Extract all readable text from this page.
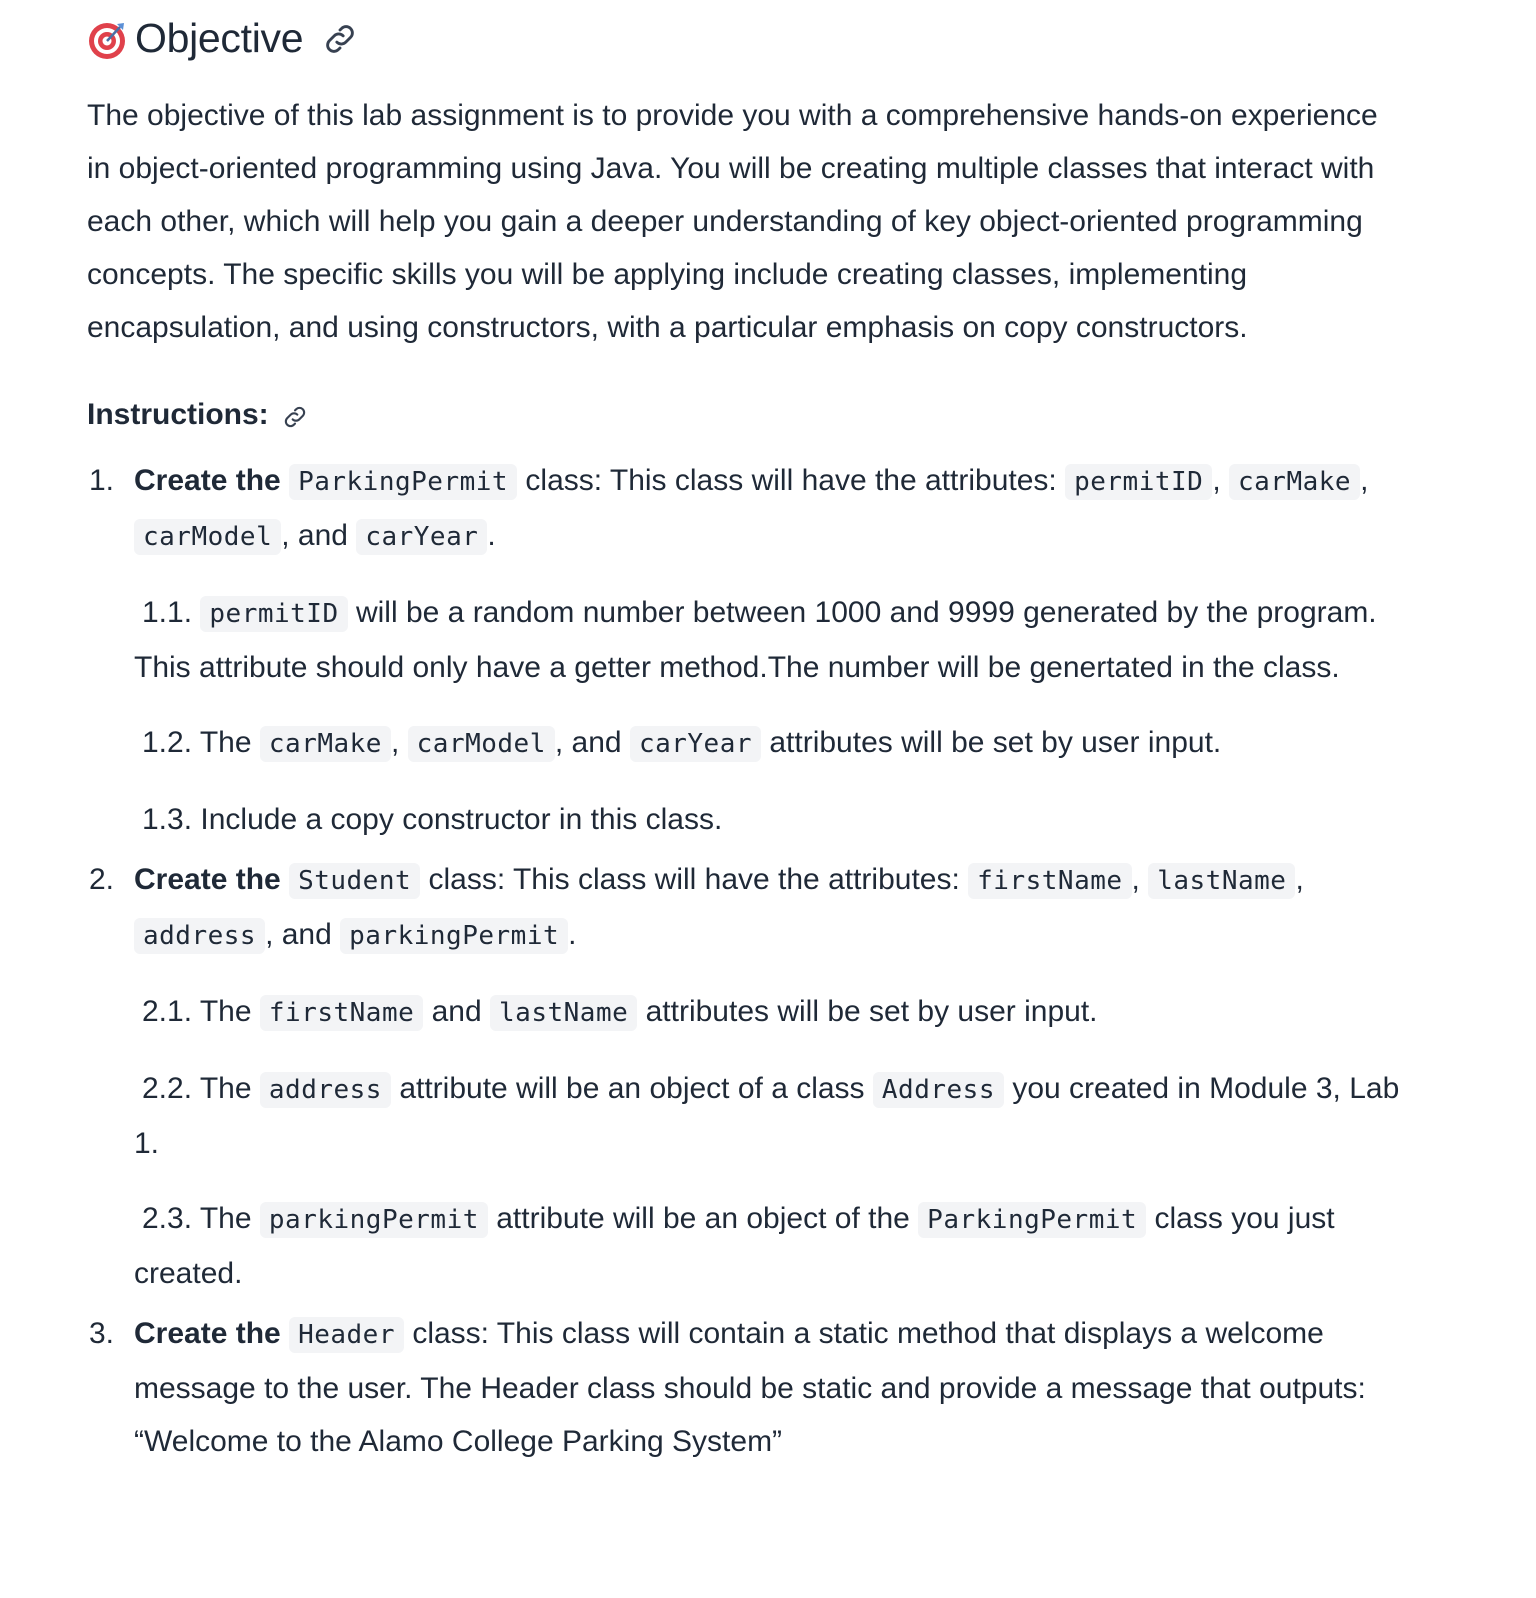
Objective

The objective of this lab assignment is to provide you with a comprehensive hands-on experience in object-oriented programming using Java. You will be creating multiple classes that interact with each other, which will help you gain a deeper understanding of key object-oriented programming concepts. The specific skills you will be applying include creating classes, implementing encapsulation, and using constructors, with a particular emphasis on copy constructors.

Instructions:
1. Create the ParkingPermit class: This class will have the attributes: permitID , carMake , carModel , and carYear .
1.1. permitID will be a random number between 1000 and 9999 generated by the program. This attribute should only have a getter method.The number will be genertated in the class.
1.2. The carMake , carModel , and carYear attributes will be set by user input.
1.3. Include a copy constructor in this class.
2. Create the Student class: This class will have the attributes: firstName , lastName , address , and parkingPermit .
2.1. The firstName and lastName attributes will be set by user input.
2.2. The address attribute will be an object of a class Address you created in Module 3, Lab 1.
2.3. The parkingPermit attribute will be an object of the ParkingPermit class you just created.
3. Create the Header class: This class will contain a static method that displays a welcome message to the user. The Header class should be static and provide a message that outputs: “Welcome to the Alamo College Parking System”
